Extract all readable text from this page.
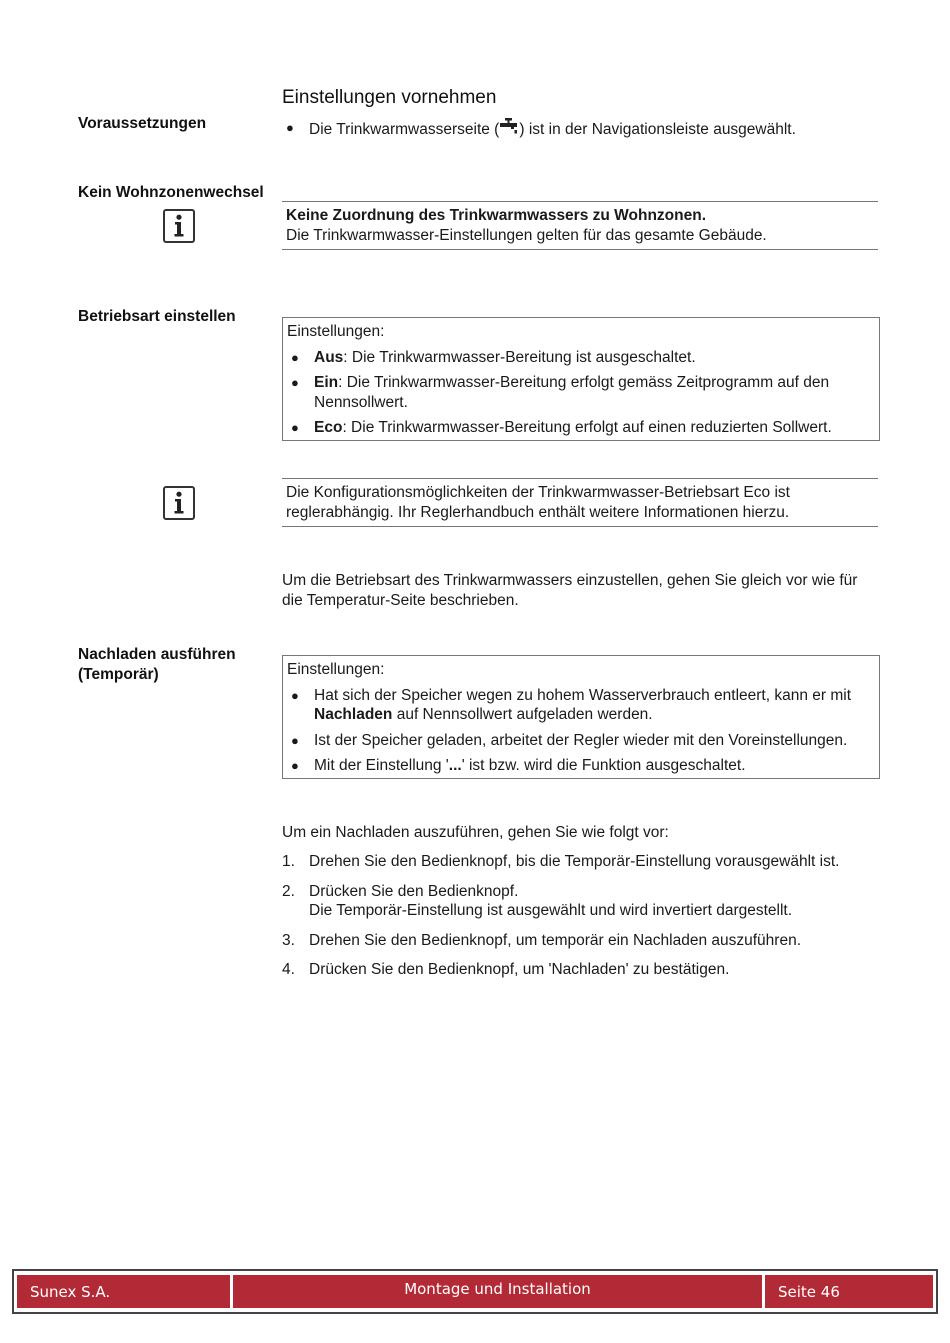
Voraussetzungen
Kein Wohnzonenwechsel
Betriebsart einstellen
Nachladen ausführen
(Temporär)
Einstellungen vornehmen
● Die Trinkwarmwasserseite ( ) ist in der Navigationsleiste ausgewählt.
Keine Zuordnung des Trinkwarmwassers zu Wohnzonen.
Die Trinkwarmwasser-Einstellungen gelten für das gesamte Gebäude.
Einstellungen:
● Aus: Die Trinkwarmwasser-Bereitung ist ausgeschaltet.
● Ein: Die Trinkwarmwasser-Bereitung erfolgt gemäss Zeitprogramm auf den Nennsollwert.
● Eco: Die Trinkwarmwasser-Bereitung erfolgt auf einen reduzierten Sollwert.
Die Konfigurationsmöglichkeiten der Trinkwarmwasser-Betriebsart Eco ist reglerabhängig. Ihr Reglerhandbuch enthält weitere Informationen hierzu.
Um die Betriebsart des Trinkwarmwassers einzustellen, gehen Sie gleich vor wie für die Temperatur-Seite beschrieben.
Einstellungen:
● Hat sich der Speicher wegen zu hohem Wasserverbrauch entleert, kann er mit Nachladen auf Nennsollwert aufgeladen werden.
● Ist der Speicher geladen, arbeitet der Regler wieder mit den Voreinstellungen.
● Mit der Einstellung '...' ist bzw. wird die Funktion ausgeschaltet.
Um ein Nachladen auszuführen, gehen Sie wie folgt vor:
1. Drehen Sie den Bedienknopf, bis die Temporär-Einstellung vorausgewählt ist.
2. Drücken Sie den Bedienknopf.
Die Temporär-Einstellung ist ausgewählt und wird invertiert dargestellt.
3. Drehen Sie den Bedienknopf, um temporär ein Nachladen auszuführen.
4. Drücken Sie den Bedienknopf, um 'Nachladen' zu bestätigen.
Sunex S.A.	Montage und Installation	Seite 46
